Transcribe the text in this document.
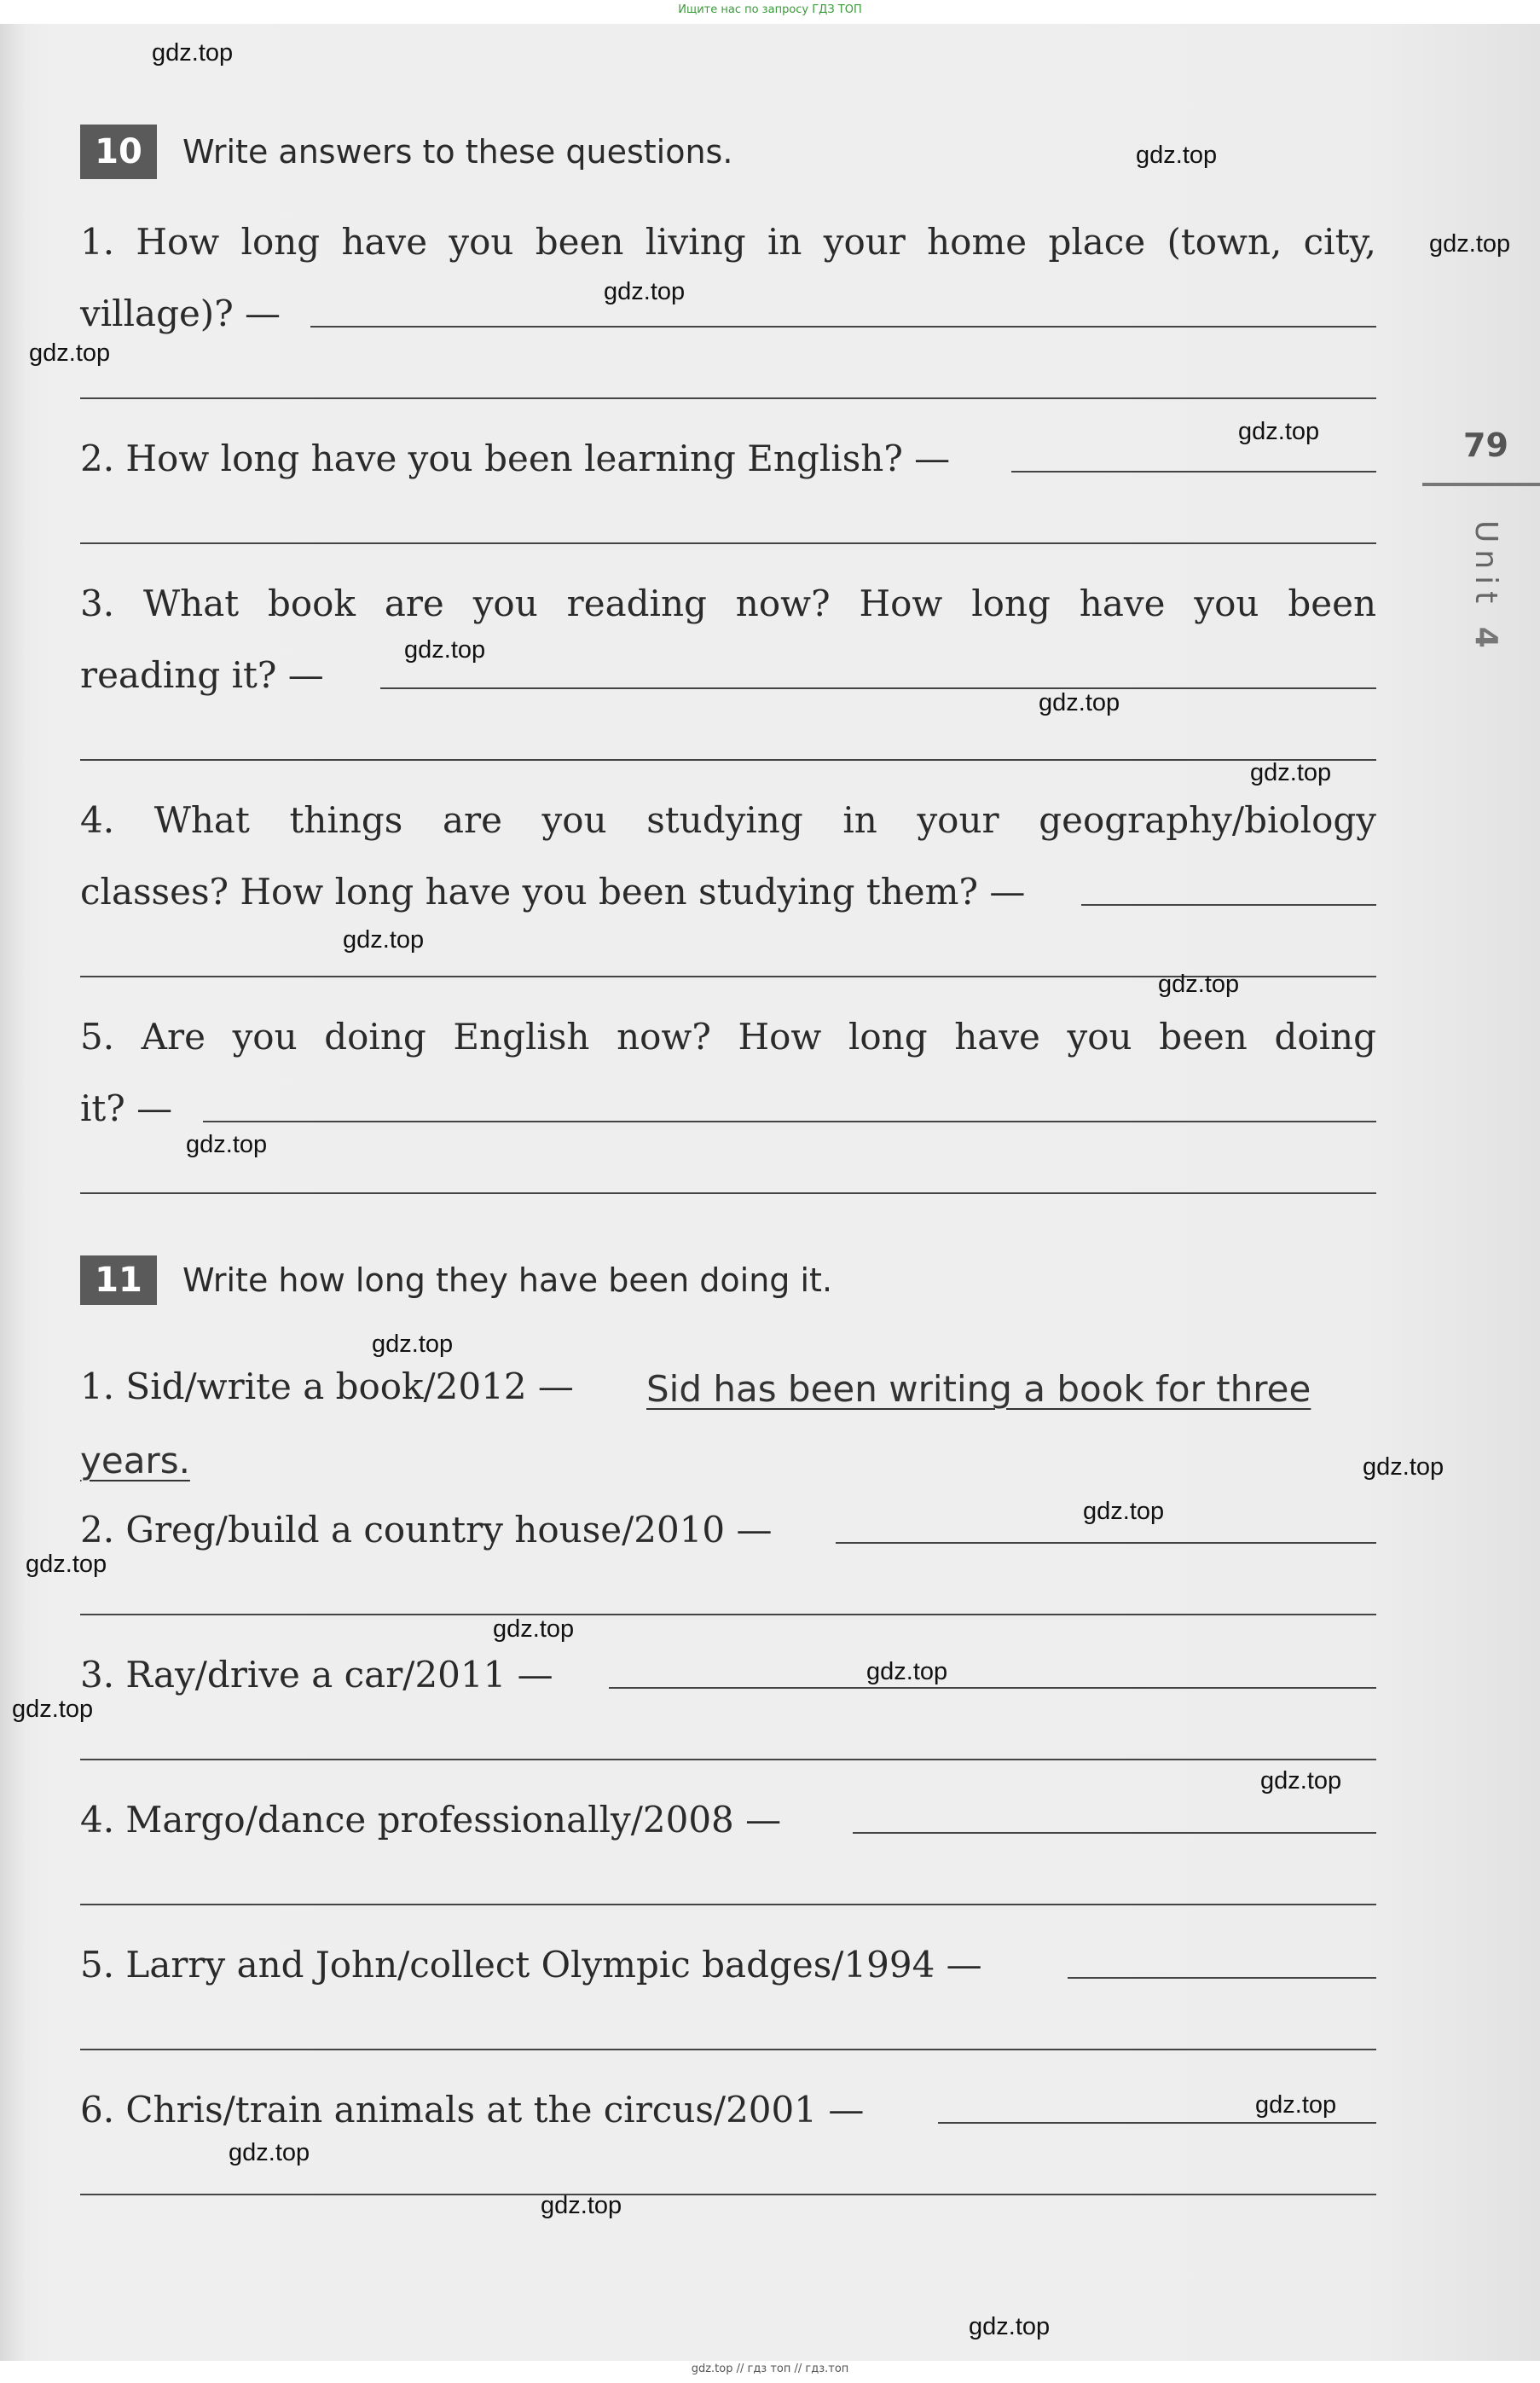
Ищите нас по запросу ГДЗ ТОП
10	Write answers to these questions.
1. How long have you been living in your home place (town, city,
village)? —
2. How long have you been learning English? —
3. What book are you reading now? How long have you been
reading it? —
4. What things are you studying in your geography/biology
classes? How long have you been studying them? —
5. Are you doing English now? How long have you been doing
it? —
11	Write how long they have been doing it.
1. Sid/write a book/2012 — Sid has been writing a book for three
years.
2. Greg/build a country house/2010 —
3. Ray/drive a car/2011 —
4. Margo/dance professionally/2008 —
5. Larry and John/collect Olympic badges/1994 —
6. Chris/train animals at the circus/2001 —
79
Unit 4
gdz.top
gdz.top
gdz.top
gdz.top
gdz.top
gdz.top
gdz.top
gdz.top
gdz.top
gdz.top
gdz.top
gdz.top
gdz.top
gdz.top
gdz.top
gdz.top
gdz.top
gdz.top
gdz.top
gdz.top
gdz.top
gdz.top
gdz.top
gdz.top
gdz.top // гдз топ // гдз.топ
